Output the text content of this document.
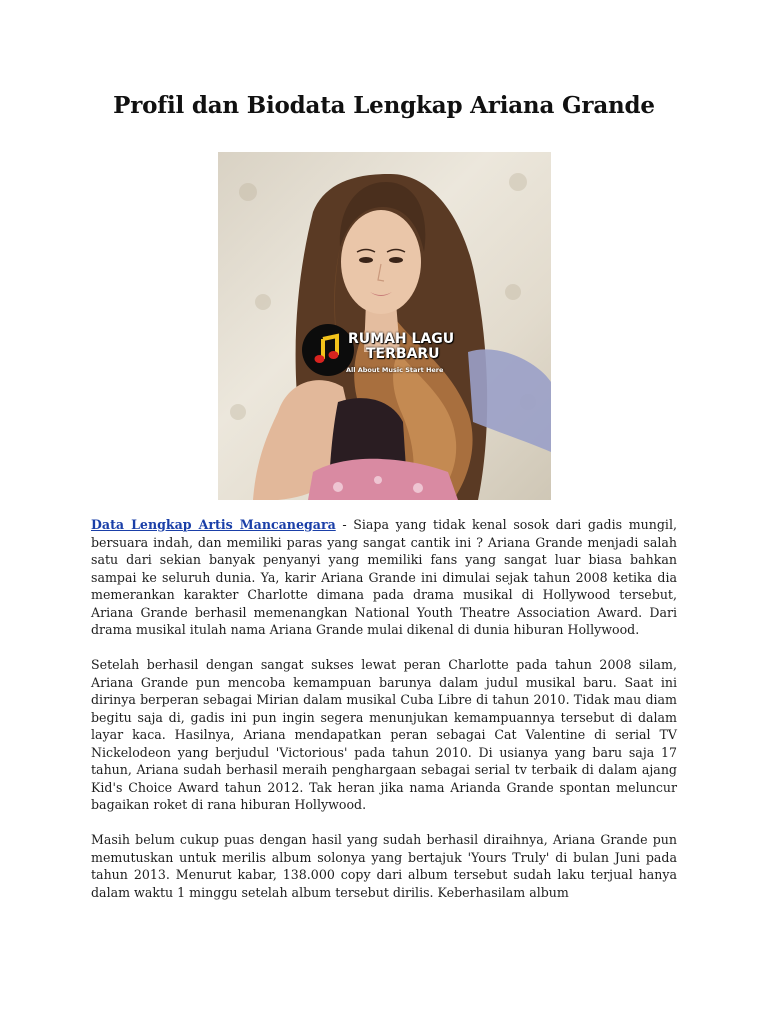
Profil dan Biodata Lengkap Ariana Grande
RUMAH LAGU
TERBARU
All About Music Start Here

Data Lengkap Artis Mancanegara - Siapa yang tidak kenal sosok dari gadis mungil, bersuara indah, dan memiliki paras yang sangat cantik ini ? Ariana Grande menjadi salah satu dari sekian banyak penyanyi yang memiliki fans yang sangat luar biasa bahkan sampai ke seluruh dunia. Ya, karir Ariana Grande ini dimulai sejak tahun 2008 ketika dia memerankan karakter Charlotte dimana pada drama musikal di Hollywood tersebut, Ariana Grande berhasil memenangkan National Youth Theatre Association Award. Dari drama musikal itulah nama Ariana Grande mulai dikenal di dunia hiburan Hollywood.

Setelah berhasil dengan sangat sukses lewat peran Charlotte pada tahun 2008 silam, Ariana Grande pun mencoba kemampuan barunya dalam judul musikal baru. Saat ini dirinya berperan sebagai Mirian dalam musikal Cuba Libre di tahun 2010. Tidak mau diam begitu saja di, gadis ini pun ingin segera menunjukan kemampuannya tersebut di dalam layar kaca. Hasilnya, Ariana mendapatkan peran sebagai Cat Valentine di serial TV Nickelodeon yang berjudul 'Victorious' pada tahun 2010. Di usianya yang baru saja 17 tahun, Ariana sudah berhasil meraih penghargaan sebagai serial tv terbaik di dalam ajang Kid's Choice Award tahun 2012. Tak heran jika nama Arianda Grande spontan meluncur bagaikan roket di rana hiburan Hollywood.

Masih belum cukup puas dengan hasil yang sudah berhasil diraihnya, Ariana Grande pun memutuskan untuk merilis album solonya yang bertajuk 'Yours Truly' di bulan Juni pada tahun 2013. Menurut kabar, 138.000 copy dari album tersebut sudah laku terjual hanya dalam waktu 1 minggu setelah album tersebut dirilis. Keberhasilam album
